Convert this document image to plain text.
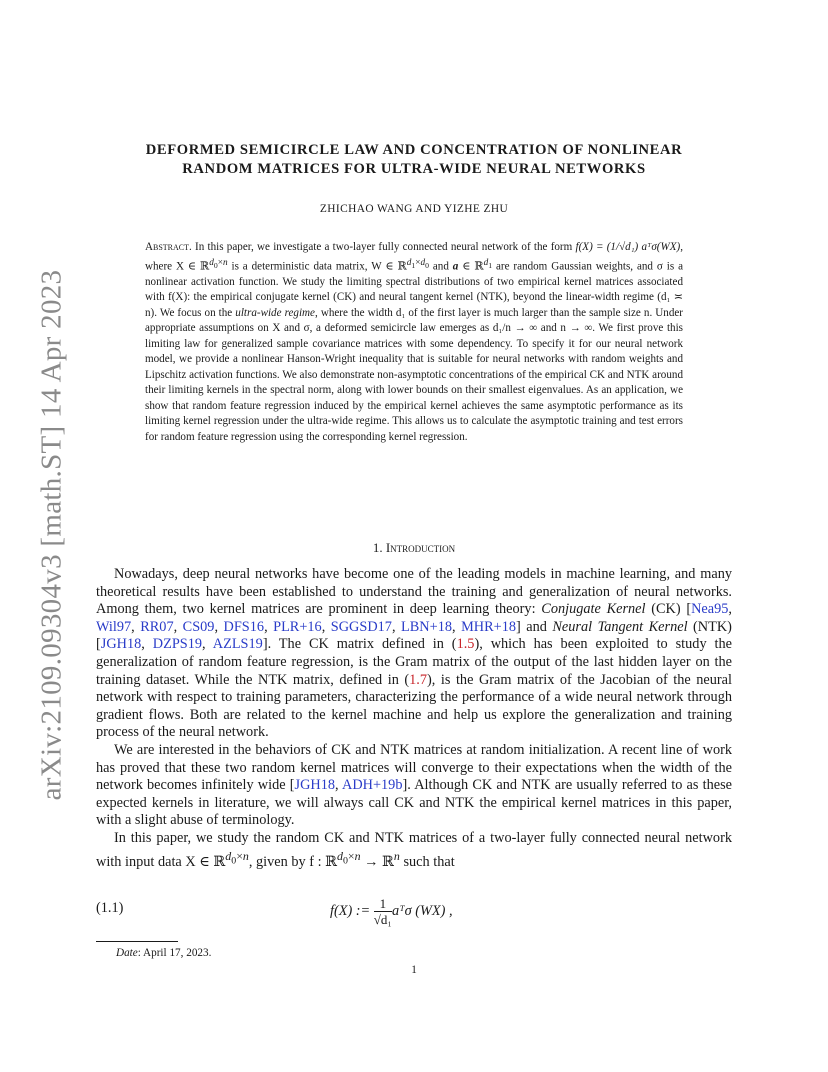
arXiv:2109.09304v3 [math.ST] 14 Apr 2023
DEFORMED SEMICIRCLE LAW AND CONCENTRATION OF NONLINEAR
RANDOM MATRICES FOR ULTRA-WIDE NEURAL NETWORKS
ZHICHAO WANG AND YIZHE ZHU
Abstract. In this paper, we investigate a two-layer fully connected neural network of the form f(X) = (1/√d₁) aᵀσ(WX), where X ∈ ℝ$^{d_0\times n}$ is a deterministic data matrix, W ∈ ℝ$^{d_1\times d_0}$ and a ∈ ℝ$^{d_1}$ are random Gaussian weights, and σ is a nonlinear activation function. We study the limiting spectral distributions of two empirical kernel matrices associated with f(X): the empirical conjugate kernel (CK) and neural tangent kernel (NTK), beyond the linear-width regime (d₁ ≍ n). We focus on the ultra-wide regime, where the width d₁ of the first layer is much larger than the sample size n. Under appropriate assumptions on X and σ, a deformed semicircle law emerges as d₁/n → ∞ and n → ∞. We first prove this limiting law for generalized sample covariance matrices with some dependency. To specify it for our neural network model, we provide a nonlinear Hanson-Wright inequality that is suitable for neural networks with random weights and Lipschitz activation functions. We also demonstrate non-asymptotic concentrations of the empirical CK and NTK around their limiting kernels in the spectral norm, along with lower bounds on their smallest eigenvalues. As an application, we show that random feature regression induced by the empirical kernel achieves the same asymptotic performance as its limiting kernel regression under the ultra-wide regime. This allows us to calculate the asymptotic training and test errors for random feature regression using the corresponding kernel regression.
1. Introduction

Nowadays, deep neural networks have become one of the leading models in machine learning, and many theoretical results have been established to understand the training and generalization of neural networks. Among them, two kernel matrices are prominent in deep learning theory: Conjugate Kernel (CK) [Nea95, Wil97, RR07, CS09, DFS16, PLR+16, SGGSD17, LBN+18, MHR+18] and Neural Tangent Kernel (NTK) [JGH18, DZPS19, AZLS19]. The CK matrix defined in (1.5), which has been exploited to study the generalization of random feature regression, is the Gram matrix of the output of the last hidden layer on the training dataset. While the NTK matrix, defined in (1.7), is the Gram matrix of the Jacobian of the neural network with respect to training parameters, characterizing the performance of a wide neural network through gradient flows. Both are related to the kernel machine and help us explore the generalization and training process of the neural network.

We are interested in the behaviors of CK and NTK matrices at random initialization. A recent line of work has proved that these two random kernel matrices will converge to their expectations when the width of the network becomes infinitely wide [JGH18, ADH+19b]. Although CK and NTK are usually referred to as these expected kernels in literature, we will always call CK and NTK the empirical kernel matrices in this paper, with a slight abuse of terminology.

In this paper, we study the random CK and NTK matrices of a two-layer fully connected neural network with input data X ∈ ℝ$^{d_0\times n}$, given by f : ℝ$^{d_0\times n}$ → ℝ$^n$ such that

(1.1)	f(X) := $\frac{1}{\text{√d₁}}$ aᵀσ (WX) ,
Date: April 17, 2023.
1
